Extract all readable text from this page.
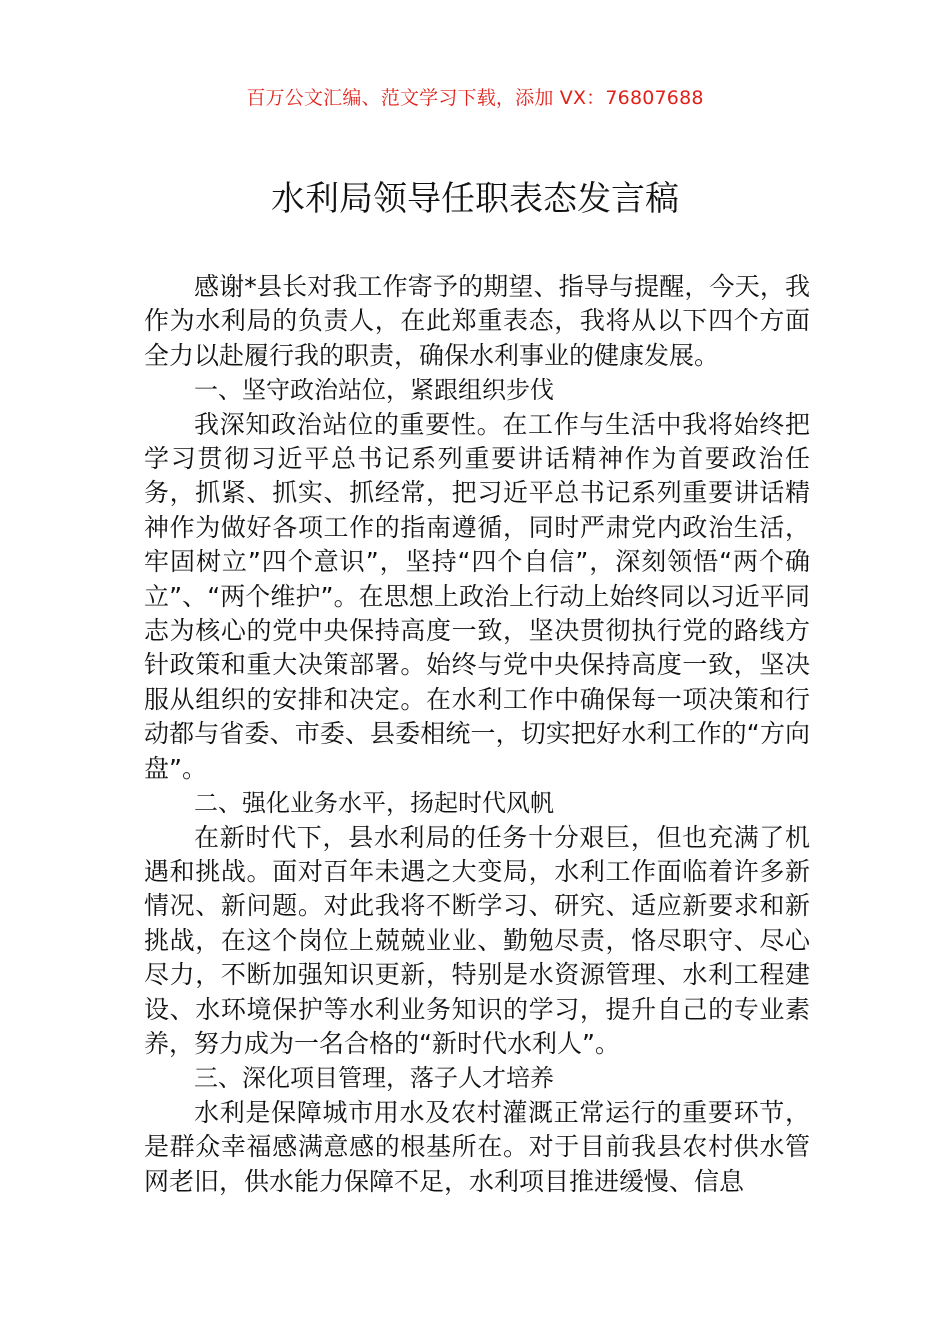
百万公文汇编、范文学习下载，添加 VX：76807688
水利局领导任职表态发言稿

感谢*县长对我工作寄予的期望、指导与提醒，今天，我作为水利局的负责人，在此郑重表态，我将从以下四个方面全力以赴履行我的职责，确保水利事业的健康发展。

一、坚守政治站位，紧跟组织步伐

我深知政治站位的重要性。在工作与生活中我将始终把学习贯彻习近平总书记系列重要讲话精神作为首要政治任务，抓紧、抓实、抓经常，把习近平总书记系列重要讲话精神作为做好各项工作的指南遵循，同时严肃党内政治生活，牢固树立”四个意识”，坚持“四个自信”，深刻领悟“两个确立”、“两个维护”。在思想上政治上行动上始终同以习近平同志为核心的党中央保持高度一致，坚决贯彻执行党的路线方针政策和重大决策部署。始终与党中央保持高度一致，坚决服从组织的安排和决定。在水利工作中确保每一项决策和行动都与省委、市委、县委相统一，切实把好水利工作的“方向盘”。

二、强化业务水平，扬起时代风帆

在新时代下，县水利局的任务十分艰巨，但也充满了机遇和挑战。面对百年未遇之大变局，水利工作面临着许多新情况、新问题。对此我将不断学习、研究、适应新要求和新挑战，在这个岗位上兢兢业业、勤勉尽责，恪尽职守、尽心尽力，不断加强知识更新，特别是水资源管理、水利工程建设、水环境保护等水利业务知识的学习，提升自己的专业素养，努力成为一名合格的“新时代水利人”。

三、深化项目管理，落子人才培养

水利是保障城市用水及农村灌溉正常运行的重要环节，是群众幸福感满意感的根基所在。对于目前我县农村供水管网老旧，供水能力保障不足，水利项目推进缓慢、信息
